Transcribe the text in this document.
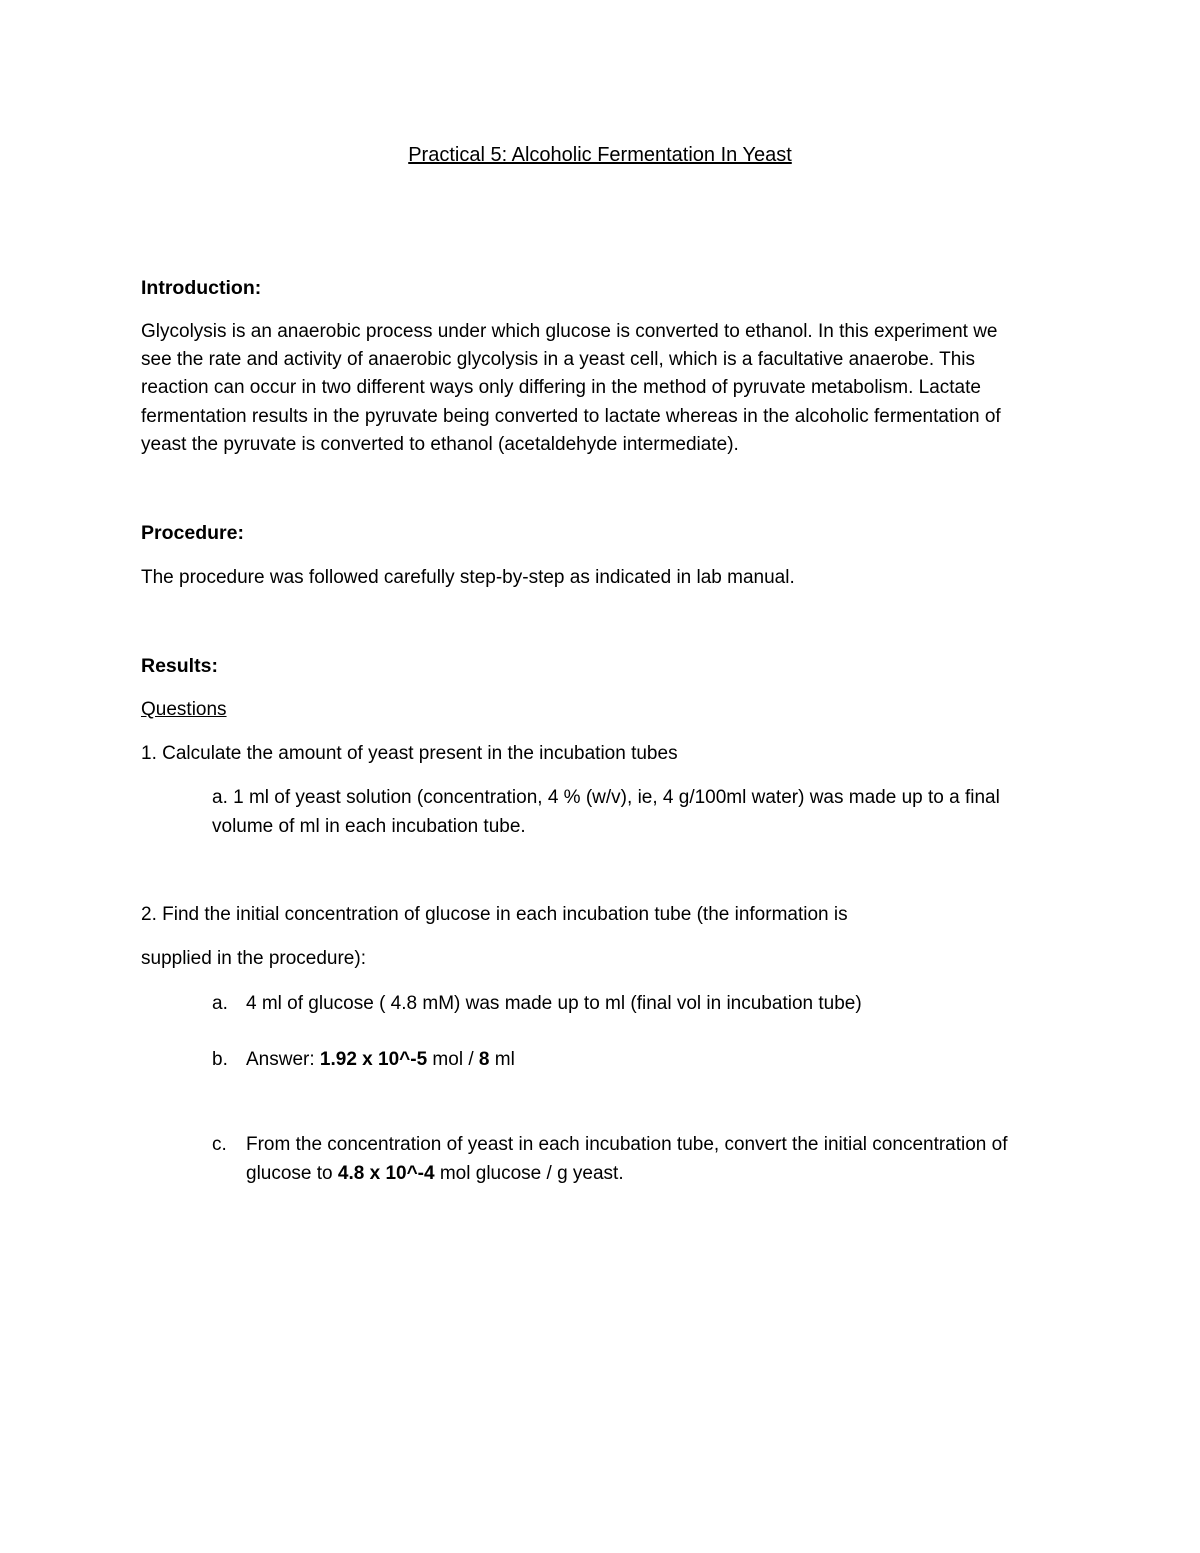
Practical 5: Alcoholic Fermentation In Yeast
Introduction:
Glycolysis is an anaerobic process under which glucose is converted to ethanol. In this experiment we
see the rate and activity of anaerobic glycolysis in a yeast cell, which is a facultative anaerobe. This
reaction can occur in two different ways only differing in the method of pyruvate metabolism. Lactate
fermentation results in the pyruvate being converted to lactate whereas in the alcoholic fermentation of
yeast the pyruvate is converted to ethanol (acetaldehyde intermediate).
Procedure:
The procedure was followed carefully step-by-step as indicated in lab manual.
Results:
Questions
1. Calculate the amount of yeast present in the incubation tubes
a. 1 ml of yeast solution (concentration, 4 % (w/v), ie, 4 g/100ml water) was made up to a final
volume of ml in each incubation tube.
2. Find the initial concentration of glucose in each incubation tube (the information is
supplied in the procedure):
a. 4 ml of glucose ( 4.8 mM) was made up to ml (final vol in incubation tube)
b. Answer: 1.92 x 10^-5 mol / 8 ml
c. From the concentration of yeast in each incubation tube, convert the initial concentration of
glucose to 4.8 x 10^-4 mol glucose / g yeast.
